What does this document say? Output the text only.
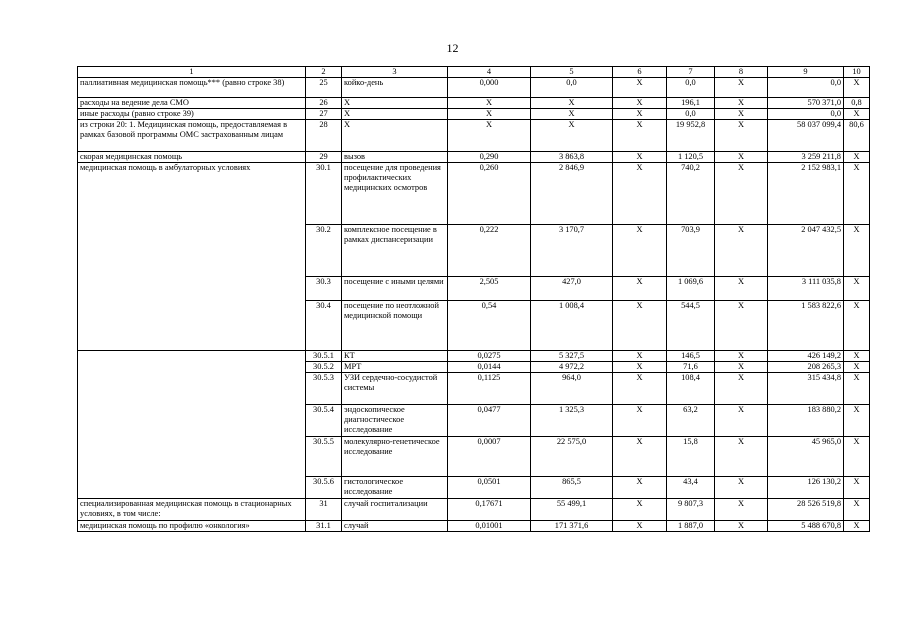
12
1	2	3	4	5	6	7	8	9	10
паллиативная медицинская помощь*** (равно строке 38)	25	койко-день	0,000	0,0	X	0,0	X	0,0	X
расходы на ведение дела СМО	26	X	X	X	X	196,1	X	570 371,0	0,8
иные расходы (равно строке 39)	27	X	X	X	X	0,0	X	0,0	X
из строки 20: 1. Медицинская помощь, предоставляемая в рамках базовой программы ОМС застрахованным лицам	28	X	X	X	X	19 952,8	X	58 037 099,4	80,6
скорая медицинская помощь	29	вызов	0,290	3 863,8	X	1 120,5	X	3 259 211,8	X
медицинская помощь в амбулаторных условиях	30.1	посещение для проведения профилактических медицинских осмотров	0,260	2 846,9	X	740,2	X	2 152 983,1	X
	30.2	комплексное посещение в рамках диспансеризации	0,222	3 170,7	X	703,9	X	2 047 432,5	X
	30.3	посещение с иными целями	2,505	427,0	X	1 069,6	X	3 111 035,8	X
	30.4	посещение по неотложной медицинской помощи	0,54	1 008,4	X	544,5	X	1 583 822,6	X
	30.5.1	КТ	0,0275	5 327,5	X	146,5	X	426 149,2	X
	30.5.2	МРТ	0,0144	4 972,2	X	71,6	X	208 265,3	X
	30.5.3	УЗИ сердечно-сосудистой системы	0,1125	964,0	X	108,4	X	315 434,8	X
	30.5.4	эндоскопическое диагностическое исследование	0,0477	1 325,3	X	63,2	X	183 880,2	X
	30.5.5	молекулярно-генетическое исследование	0,0007	22 575,0	X	15,8	X	45 965,0	X
	30.5.6	гистологическое исследование	0,0501	865,5	X	43,4	X	126 130,2	X
специализированная медицинская помощь в стационарных условиях, в том числе:	31	случай госпитализации	0,17671	55 499,1	X	9 807,3	X	28 526 519,8	X
медицинская помощь по профилю «онкология»	31.1	случай	0,01001	171 371,6	X	1 887,0	X	5 488 670,8	X
